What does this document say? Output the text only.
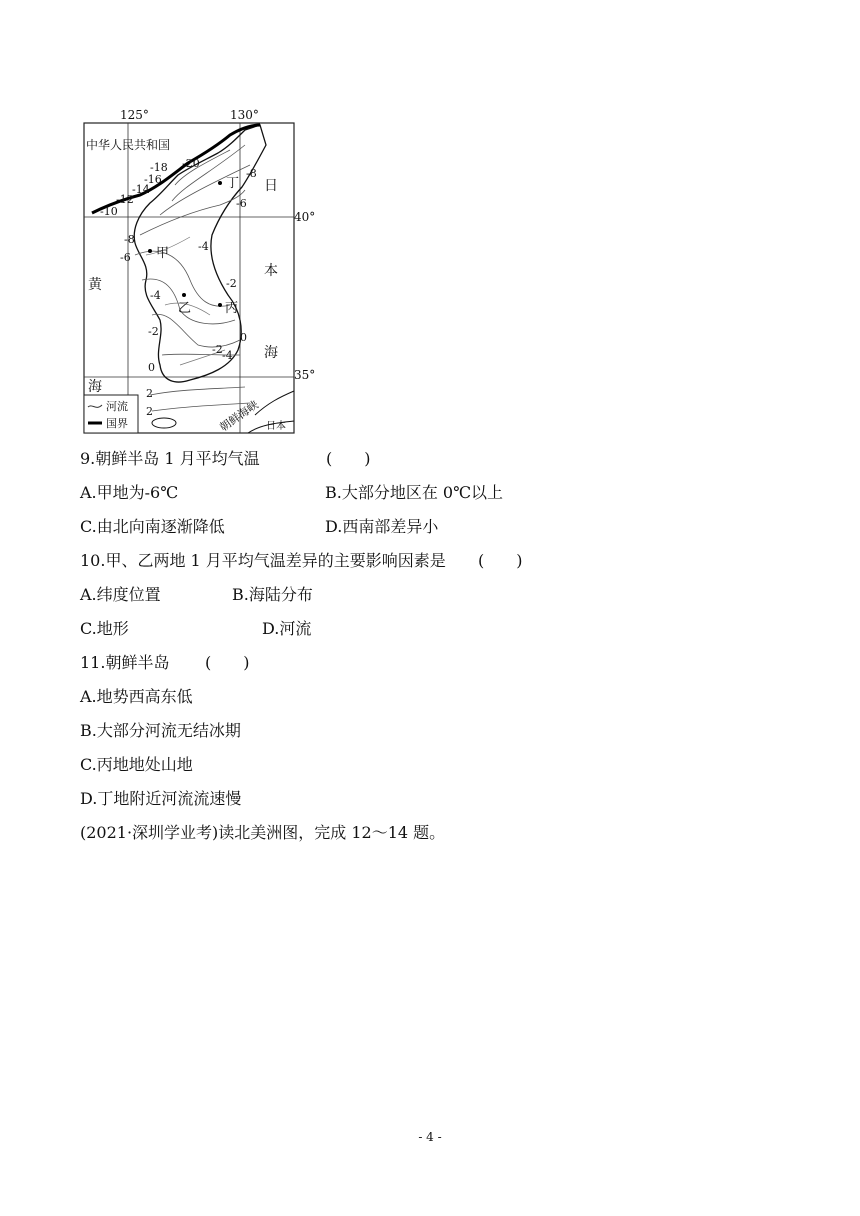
125°	130°
40°
35°
中华人民共和国
日
本
海
黄
海
朝鲜海峡 日本
甲
乙	丙
丁
-20
-18
-16
-14
-12
-10
-8
-6
-4
-2
-8
-6
-4
-2
-4
-2
0
0
2
2
河流
国界
9.朝鲜半岛 1 月平均气温	(　　)
A.甲地为-6℃	B.大部分地区在 0℃以上
C.由北向南逐渐降低	D.西南部差异小
10.甲、乙两地 1 月平均气温差异的主要影响因素是 (　　)
A.纬度位置	B.海陆分布
C.地形	D.河流
11.朝鲜半岛 (　　)
A.地势西高东低
B.大部分河流无结冰期
C.丙地地处山地
D.丁地附近河流流速慢
(2021·深圳学业考)读北美洲图，完成 12～14 题。
- 4 -
